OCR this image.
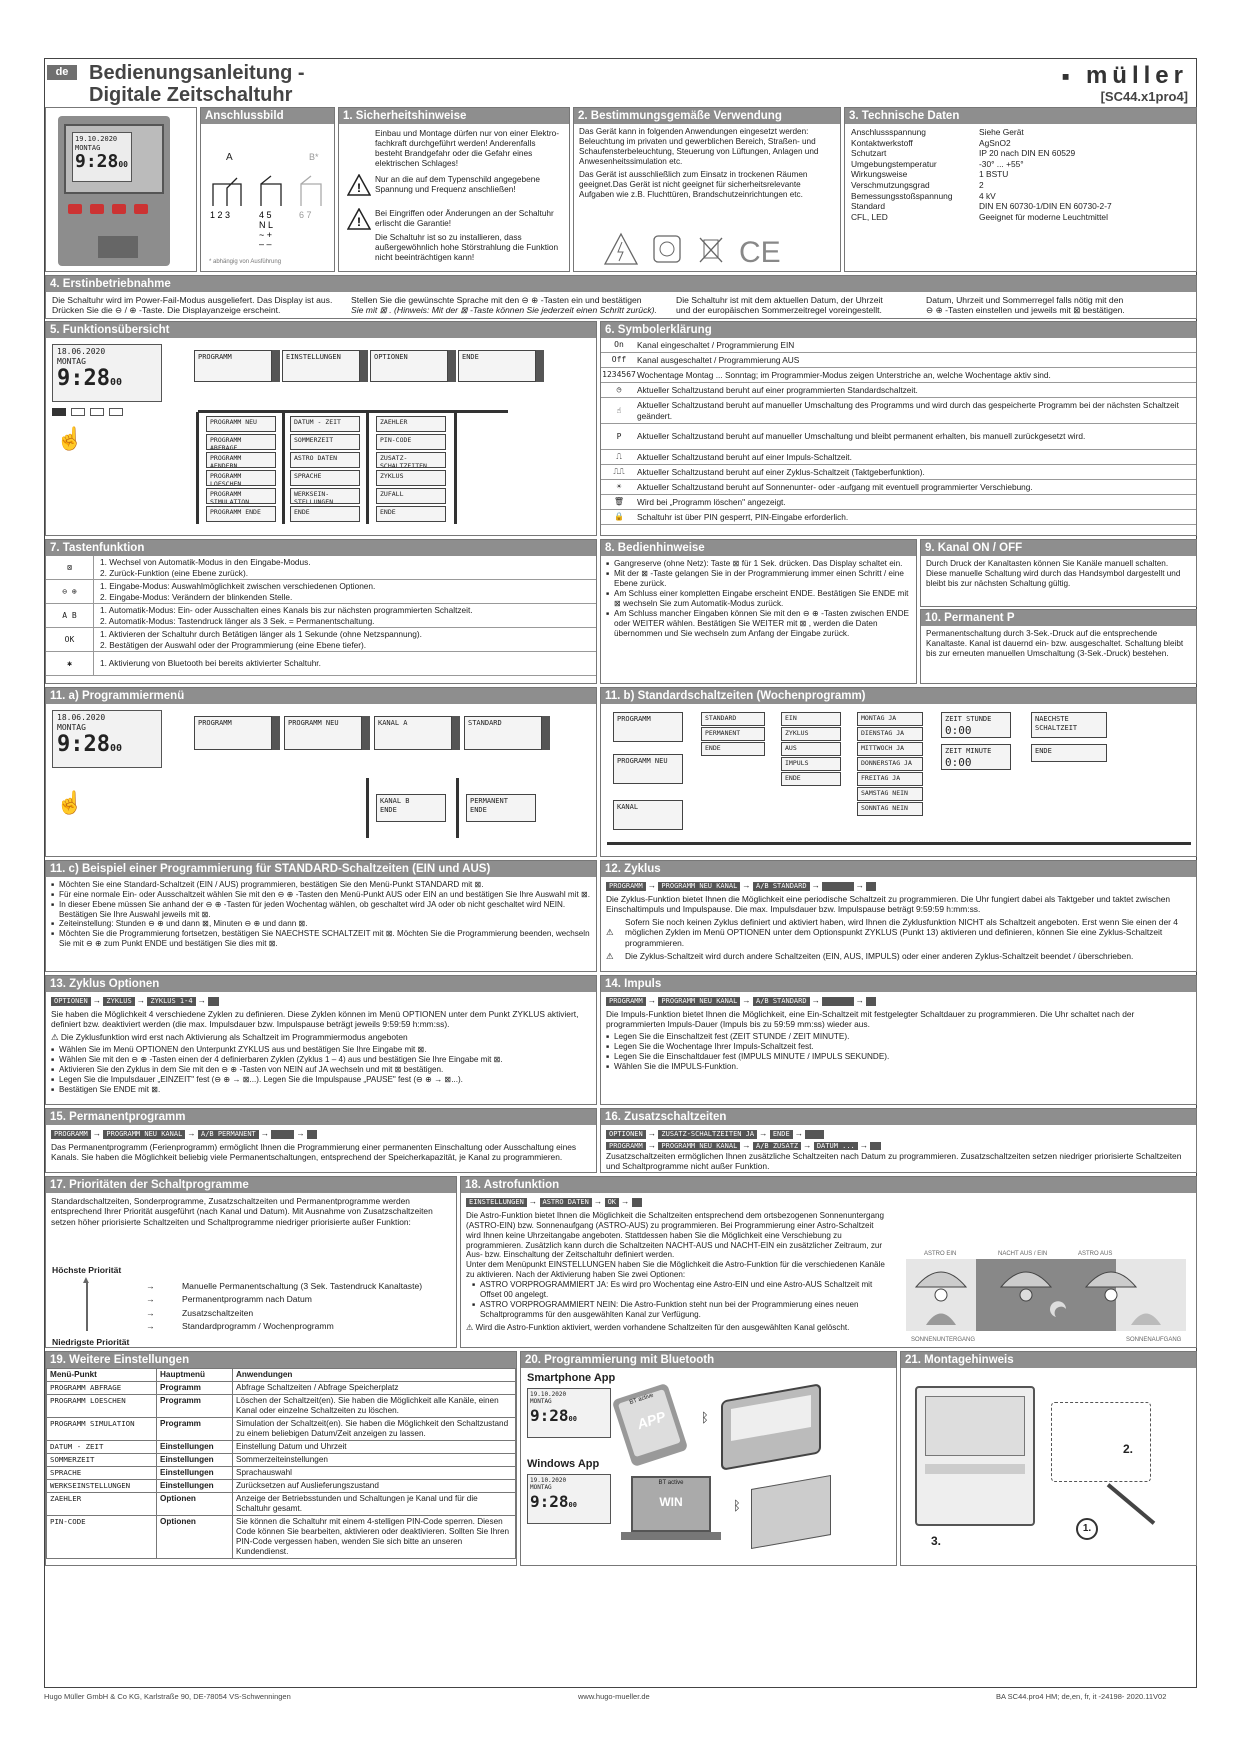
de	Bedienungsanleitung -
Digitale Zeitschaltuhr
■ müller
[SC44.x1pro4]
19.10.2020
MONTAG
9:2800
Anschlussbild
A	B*
1 2 3	4 5
N L
~ +
– –
6 7
* abhängig von Ausführung
1. Sicherheitshinweise
Einbau und Montage dürfen nur von einer Elektro-fachkraft durchgeführt werden! Anderenfalls besteht Brandgefahr oder die Gefahr eines elektrischen Schlages!
!
Nur an die auf dem Typenschild angegebene Spannung und Frequenz anschließen!
!
Bei Eingriffen oder Änderungen an der Schaltuhr erlischt die Garantie!
Die Schaltuhr ist so zu installieren, dass außergewöhnlich hohe Störstrahlung die Funktion nicht beeinträchtigen kann!
2. Bestimmungsgemäße Verwendung
Das Gerät kann in folgenden Anwendungen eingesetzt werden: Beleuchtung im privaten und gewerblichen Bereich, Straßen- und Schaufensterbeleuchtung, Steuerung von Lüftungen, Anlagen und Anwesenheitssimulation etc.
Das Gerät ist ausschließlich zum Einsatz in trockenen Räumen geeignet.Das Gerät ist nicht geeignet für sicherheitsrelevante Aufgaben wie z.B. Fluchttüren, Brandschutzeinrichtungen etc.
CE
3. Technische Daten
Anschlussspannung	Siehe Gerät
Kontaktwerkstoff	AgSnO2
Schutzart	IP 20 nach DIN EN 60529
Umgebungstemperatur	-30° ... +55°
Wirkungsweise	1 BSTU
Verschmutzungsgrad	2
Bemessungsstoßspannung	4 kV
Standard	DIN EN 60730-1/DIN EN 60730-2-7
CFL, LED	Geeignet für moderne Leuchtmittel
4. Erstinbetriebnahme
Die Schaltuhr wird im Power-Fail-Modus ausgeliefert. Das Display ist aus.
Drücken Sie die ⊖ / ⊕ -Taste. Die Displayanzeige erscheint.
Stellen Sie die gewünschte Sprache mit den ⊖ ⊕ -Tasten ein und bestätigen
Sie mit ⊠ . (Hinweis: Mit der ⊠ -Taste können Sie jederzeit einen Schritt zurück).
Die Schaltuhr ist mit dem aktuellen Datum, der Uhrzeit
und der europäischen Sommerzeitregel voreingestellt.
Datum, Uhrzeit und Sommerregel falls nötig mit den
⊖ ⊕ -Tasten einstellen und jeweils mit ⊠ bestätigen.
5. Funktionsübersicht
18.06.2020
MONTAG
9:2800
☝
PROGRAMM	EINSTELLUNGEN	OPTIONEN	ENDE
PROGRAMM NEU
PROGRAMM ABFRAGE
PROGRAMM AENDERN
PROGRAMM LOESCHEN
PROGRAMM SIMULATION
PROGRAMM ENDE
DATUM - ZEIT
SOMMERZEIT
ASTRO DATEN
SPRACHE
WERKSEIN-STELLUNGEN
ENDE
ZAEHLER
PIN-CODE
ZUSATZ-SCHALTZEITEN
ZYKLUS
ZUFALL
ENDE
6. Symbolerklärung
On	Kanal eingeschaltet / Programmierung EIN
Off	Kanal ausgeschaltet / Programmierung AUS
1234567 Wochentage Montag ... Sonntag; im Programmier-Modus zeigen Unterstriche an, welche Wochentage aktiv sind.
◷	Aktueller Schaltzustand beruht auf einer programmierten Standardschaltzeit.
☝	Aktueller Schaltzustand beruht auf manueller Umschaltung des Programms und wird durch das gespeicherte Programm bei der nächsten Schaltzeit geändert.
P	Aktueller Schaltzustand beruht auf manueller Umschaltung und bleibt permanent erhalten, bis manuell zurückgesetzt wird.
⎍	Aktueller Schaltzustand beruht auf einer Impuls-Schaltzeit.
⎍⎍	Aktueller Schaltzustand beruht auf einer Zyklus-Schaltzeit (Taktgeberfunktion).
☀	Aktueller Schaltzustand beruht auf Sonnenunter- oder -aufgang mit eventuell programmierter Verschiebung.
🗑	Wird bei „Programm löschen" angezeigt.
🔒	Schaltuhr ist über PIN gesperrt, PIN-Eingabe erforderlich.
7. Tastenfunktion
⊠	1. Wechsel von Automatik-Modus in den Eingabe-Modus.
2. Zurück-Funktion (eine Ebene zurück).
⊖ ⊕	1. Eingabe-Modus: Auswahlmöglichkeit zwischen verschiedenen Optionen.
2. Eingabe-Modus: Verändern der blinkenden Stelle.
A B	1. Automatik-Modus: Ein- oder Ausschalten eines Kanals bis zur nächsten programmierten Schaltzeit.
2. Automatik-Modus: Tastendruck länger als 3 Sek. = Permanentschaltung.
OK	1. Aktivieren der Schaltuhr durch Betätigen länger als 1 Sekunde (ohne Netzspannung).
2. Bestätigen der Auswahl oder der Programmierung (eine Ebene tiefer).
✱	1. Aktivierung von Bluetooth bei bereits aktivierter Schaltuhr.
8. Bedienhinweise
■ Gangreserve (ohne Netz): Taste ⊠ für 1 Sek. drücken. Das Display schaltet ein.
■ Mit der ⊠ -Taste gelangen Sie in der Programmierung immer einen Schritt / eine Ebene zurück.
■ Am Schluss einer kompletten Eingabe erscheint ENDE. Bestätigen Sie ENDE mit ⊠ wechseln Sie zum Automatik-Modus zurück.
■ Am Schluss mancher Eingaben können Sie mit den ⊖ ⊕ -Tasten zwischen ENDE oder WEITER wählen. Bestätigen Sie WEITER mit ⊠ , werden die Daten übernommen und Sie wechseln zum Anfang der Eingabe zurück.
9. Kanal ON / OFF
Durch Druck der Kanaltasten können Sie Kanäle manuell schalten. Diese manuelle Schaltung wird durch das Handsymbol dargestellt und bleibt bis zur nächsten Schaltung gültig.
10. Permanent P
Permanentschaltung durch 3-Sek.-Druck auf die entsprechende Kanaltaste. Kanal ist dauernd ein- bzw. ausgeschaltet. Schaltung bleibt bis zur erneuten manuellen Umschaltung (3-Sek.-Druck) bestehen.
11. a) Programmiermenü
18.06.2020
MONTAG
9:2800
☝
PROGRAMM	PROGRAMM NEU	KANAL A	STANDARD
KANAL B
ENDE
PERMANENT
ENDE
11. b) Standardschaltzeiten (Wochenprogramm)
PROGRAMM
PROGRAMM NEU
KANAL
STANDARD
PERMANENT
ENDE
EIN
ZYKLUS
AUS
IMPULS
ENDE
MONTAG JA
DIENSTAG JA
MITTWOCH JA
DONNERSTAG JA
FREITAG JA
SAMSTAG NEIN
SONNTAG NEIN
ZEIT STUNDE
0:00
ZEIT MINUTE
0:00
NAECHSTE SCHALTZEIT
ENDE
11. c) Beispiel einer Programmierung für STANDARD-Schaltzeiten (EIN und AUS)
■ Möchten Sie eine Standard-Schaltzeit (EIN / AUS) programmieren, bestätigen Sie den Menü-Punkt STANDARD mit ⊠.
■ Für eine normale Ein- oder Ausschaltzeit wählen Sie mit den ⊖ ⊕ -Tasten den Menü-Punkt AUS oder EIN an und bestätigen Sie Ihre Auswahl mit ⊠.
■ In dieser Ebene müssen Sie anhand der ⊖ ⊕ -Tasten für jeden Wochentag wählen, ob geschaltet wird JA oder ob nicht geschaltet wird NEIN. Bestätigen Sie Ihre Auswahl jeweils mit ⊠.
■ Zeiteinstellung: Stunden ⊖ ⊕ und dann ⊠, Minuten ⊖ ⊕ und dann ⊠.
■ Möchten Sie die Programmierung fortsetzen, bestätigen Sie NAECHSTE SCHALTZEIT mit ⊠. Möchten Sie die Programmierung beenden, wechseln Sie mit ⊖ ⊕ zum Punkt ENDE und bestätigen Sie dies mit ⊠.
12. Zyklus
PROGRAMM → PROGRAMM NEU KANAL → A/B STANDARD →	→
Die Zyklus-Funktion bietet Ihnen die Möglichkeit eine periodische Schaltzeit zu programmieren. Die Uhr fungiert dabei als Taktgeber und taktet zwischen Einschaltimpuls und Impulspause. Die max. Impulsdauer bzw. Impulspause beträgt 9:59:59 h:mm:ss.
⚠
Sofern Sie noch keinen Zyklus definiert und aktiviert haben, wird Ihnen die Zyklusfunktion NICHT als Schaltzeit angeboten. Erst wenn Sie einen der 4 möglichen Zyklen im Menü OPTIONEN unter dem Optionspunkt ZYKLUS (Punkt 13) aktivieren und definieren, können Sie eine Zyklus-Schaltzeit programmieren.
⚠ Die Zyklus-Schaltzeit wird durch andere Schaltzeiten (EIN, AUS, IMPULS) oder einer anderen Zyklus-Schaltzeit beendet / überschrieben.
13. Zyklus Optionen
OPTIONEN → ZYKLUS → ZYKLUS 1-4 →
Sie haben die Möglichkeit 4 verschiedene Zyklen zu definieren. Diese Zyklen können im Menü OPTIONEN unter dem Punkt ZYKLUS aktiviert, definiert bzw. deaktiviert werden (die max. Impulsdauer bzw. Impulspause beträgt jeweils 9:59:59 h:mm:ss).
⚠ Die Zyklusfunktion wird erst nach Aktivierung als Schaltzeit im Programmiermodus angeboten
■ Wählen Sie im Menü OPTIONEN den Unterpunkt ZYKLUS aus und bestätigen Sie Ihre Eingabe mit ⊠.
■ Wählen Sie mit den ⊖ ⊕ -Tasten einen der 4 definierbaren Zyklen (Zyklus 1 – 4) aus und bestätigen Sie Ihre Eingabe mit ⊠.
■ Aktivieren Sie den Zyklus in dem Sie mit den ⊖ ⊕ -Tasten von NEIN auf JA wechseln und mit ⊠ bestätigen.
■ Legen Sie die Impulsdauer „EINZEIT" fest (⊖ ⊕ → ⊠...). Legen Sie die Impulspause „PAUSE" fest (⊖ ⊕ → ⊠...).
■ Bestätigen Sie ENDE mit ⊠.
14. Impuls
PROGRAMM → PROGRAMM NEU KANAL → A/B STANDARD →	→
Die Impuls-Funktion bietet Ihnen die Möglichkeit, eine Ein-Schaltzeit mit festgelegter Schaltdauer zu programmieren. Die Uhr schaltet nach der programmierten Impuls-Dauer (Impuls bis zu 59:59 mm:ss) wieder aus.
■ Legen Sie die Einschaltzeit fest (ZEIT STUNDE / ZEIT MINUTE).
■ Legen Sie die Wochentage Ihrer Impuls-Schaltzeit fest.
■ Legen Sie die Einschaltdauer fest (IMPULS MINUTE / IMPULS SEKUNDE).
■ Wählen Sie die IMPULS-Funktion.
15. Permanentprogramm
PROGRAMM → PROGRAMM NEU KANAL → A/B PERMANENT →	→
Das Permanentprogramm (Ferienprogramm) ermöglicht Ihnen die Programmierung einer permanenten Einschaltung oder Ausschaltung eines Kanals. Sie haben die Möglichkeit beliebig viele Permanentschaltungen, entsprechend der Speicherkapazität, je Kanal zu programmieren.
16. Zusatzschaltzeiten
OPTIONEN → ZUSATZ-SCHALTZEITEN JA → ENDE →
PROGRAMM → PROGRAMM NEU KANAL → A/B ZUSATZ → DATUM ... →
Zusatzschaltzeiten ermöglichen Ihnen zusätzliche Schaltzeiten nach Datum zu programmieren. Zusatzschaltzeiten setzen niedriger priorisierte Schaltzeiten und Schaltprogramme nicht außer Funktion.
17. Prioritäten der Schaltprogramme
Standardschaltzeiten, Sonderprogramme, Zusatzschaltzeiten und Permanentprogramme werden entsprechend Ihrer Priorität ausgeführt (nach Kanal und Datum). Mit Ausnahme von Zusatzschaltzeiten setzen höher priorisierte Schaltzeiten und Schaltprogramme niedriger priorisierte außer Funktion:
Höchste Priorität
▲
Niedrigste Priorität
→	Manuelle Permanentschaltung (3 Sek. Tastendruck Kanaltaste)
→	Permanentprogramm nach Datum
→	Zusatzschaltzeiten
→	Standardprogramm / Wochenprogramm
18. Astrofunktion
EINSTELLUNGEN → ASTRO DATEN → OK →
Die Astro-Funktion bietet Ihnen die Möglichkeit die Schaltzeiten entsprechend dem ortsbezogenen Sonnenuntergang (ASTRO-EIN) bzw. Sonnenaufgang (ASTRO-AUS) zu programmieren. Bei Programmierung einer Astro-Schaltzeit wird Ihnen keine Uhrzeitangabe angeboten. Stattdessen haben Sie die Möglichkeit eine Verschiebung zu programmieren. Zusätzlich kann durch die Schaltzeiten NACHT-AUS und NACHT-EIN ein zusätzlicher Zeitraum, zur Aus- bzw. Einschaltung der Zeitschaltuhr definiert werden.
Unter dem Menüpunkt EINSTELLUNGEN haben Sie die Möglichkeit die Astro-Funktion für die verschiedenen Kanäle zu aktivieren. Nach der Aktivierung haben Sie zwei Optionen:
■ ASTRO VORPROGRAMMIERT JA: Es wird pro Wochentag eine Astro-EIN und eine Astro-AUS Schaltzeit mit Offset 00 angelegt.
■ ASTRO VORPROGRAMMIERT NEIN: Die Astro-Funktion steht nun bei der Programmierung eines neuen Schaltprogramms für den ausgewählten Kanal zur Verfügung.
⚠ Wird die Astro-Funktion aktiviert, werden vorhandene Schaltzeiten für den ausgewählten Kanal gelöscht.
ASTRO EIN	NACHT AUS / EIN	ASTRO AUS
SONNENUNTERGANG	SONNENAUFGANG
19. Weitere Einstellungen
Menü-Punkt	Hauptmenü	Anwendungen
PROGRAMM ABFRAGE	Programm	Abfrage Schaltzeiten / Abfrage Speicherplatz
PROGRAMM LOESCHEN	Programm	Löschen der Schaltzeit(en). Sie haben die Möglichkeit alle Kanäle, einen Kanal oder einzelne Schaltzeiten zu löschen.
PROGRAMM SIMULATION	Programm	Simulation der Schaltzeit(en). Sie haben die Möglichkeit den Schaltzustand zu einem beliebigen Datum/Zeit anzeigen zu lassen.
DATUM - ZEIT	Einstellungen	Einstellung Datum und Uhrzeit
SOMMERZEIT	Einstellungen	Sommerzeiteinstellungen
SPRACHE	Einstellungen	Sprachauswahl
WERKSEINSTELLUNGEN	Einstellungen	Zurücksetzen auf Auslieferungszustand
ZAEHLER	Optionen	Anzeige der Betriebsstunden und Schaltungen je Kanal und für die Schaltuhr gesamt.
PIN-CODE	Optionen	Sie können die Schaltuhr mit einem 4-stelligen PIN-Code sperren. Diesen Code können Sie bearbeiten, aktivieren oder deaktivieren. Sollten Sie Ihren PIN-Code vergessen haben, wenden Sie sich bitte an unseren Kundendienst.
20. Programmierung mit Bluetooth
Smartphone App
19.10.2020
MONTAG
9:2800
BT active
APP	ᛒ
Windows App
19.10.2020
MONTAG
9:2800
BT active
WIN	ᛒ
21. Montagehinweis
2.
1.
3.
Hugo Müller GmbH & Co KG, Karlstraße 90, DE-78054 VS-Schwenningen	www.hugo-mueller.de	BA SC44.pro4 HM; de,en, fr, it -24198- 2020.11V02
